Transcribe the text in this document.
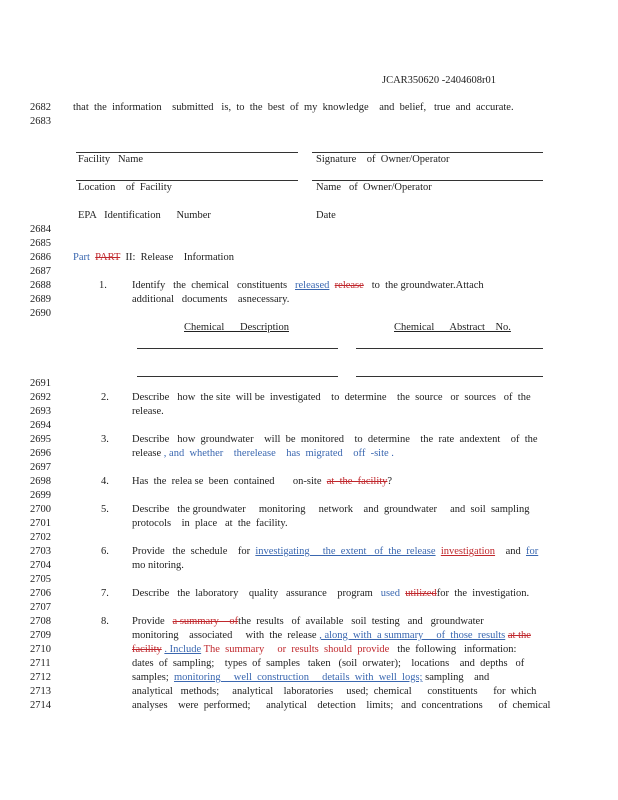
JCAR350620 -2404608r01
2682
2683
2684
2685
2686
2687
2688
2689
2690
2691
2692
2693
2694
2695
2696
2697
2698
2699
2700
2701
2702
2703
2704
2705
2706
2707
2708
2709
2710
2711
2712
2713
2714
that  the  information    submitted   is,  to  the  best  of  my  knowledge    and  belief,   true  and  accurate.
Facility   Name	Signature    of  Owner/Operator
Location    of  Facility	Name   of  Owner/Operator
EPA   Identification      Number	Date
Part PART II:  Release    Information
1. Identify   the  chemical   constituents released release to  the groundwater.Attach
additional   documents    asnecessary.
Chemical      Description	Chemical      Abstract    No.
2. Describe   how  the site  will be  investigated    to  determine    the  source   or  sources   of  the
release.
3. Describe   how  groundwater    will  be  monitored    to  determine    the  rate  andextent    of  the
release , and  whether    therelease    has  migrated    off  -site .
4. Has  the  relea se  been  contained       on-site at  the  facility?
5. Describe   the groundwater     monitoring     network    and  groundwater     and  soil  sampling
protocols    in  place   at  the  facility.
6. Provide   the  schedule    for investigating     the  extent   of  the  release investigation and for
mo nitoring.
7. Describe   the  laboratory    quality   assurance    program used utilizedfor  the  investigation.
8. Provide a summary    ofthe  results   of  available   soil  testing   and   groundwater
monitoring    associated     with  the  release , along  with  a summary     of  those  results at the
facility . Include The  summary     or  results  should  provide the  following   information:
dates  of  sampling;    types  of  samples   taken   (soil  orwater);    locations    and  depths   of
samples; monitoring     well  construction     details  with  well  logs; sampling    and
analytical   methods;     analytical    laboratories     used;  chemical      constituents      for  which
analyses    were  performed;      analytical    detection    limits;   and  concentrations      of  chemical
